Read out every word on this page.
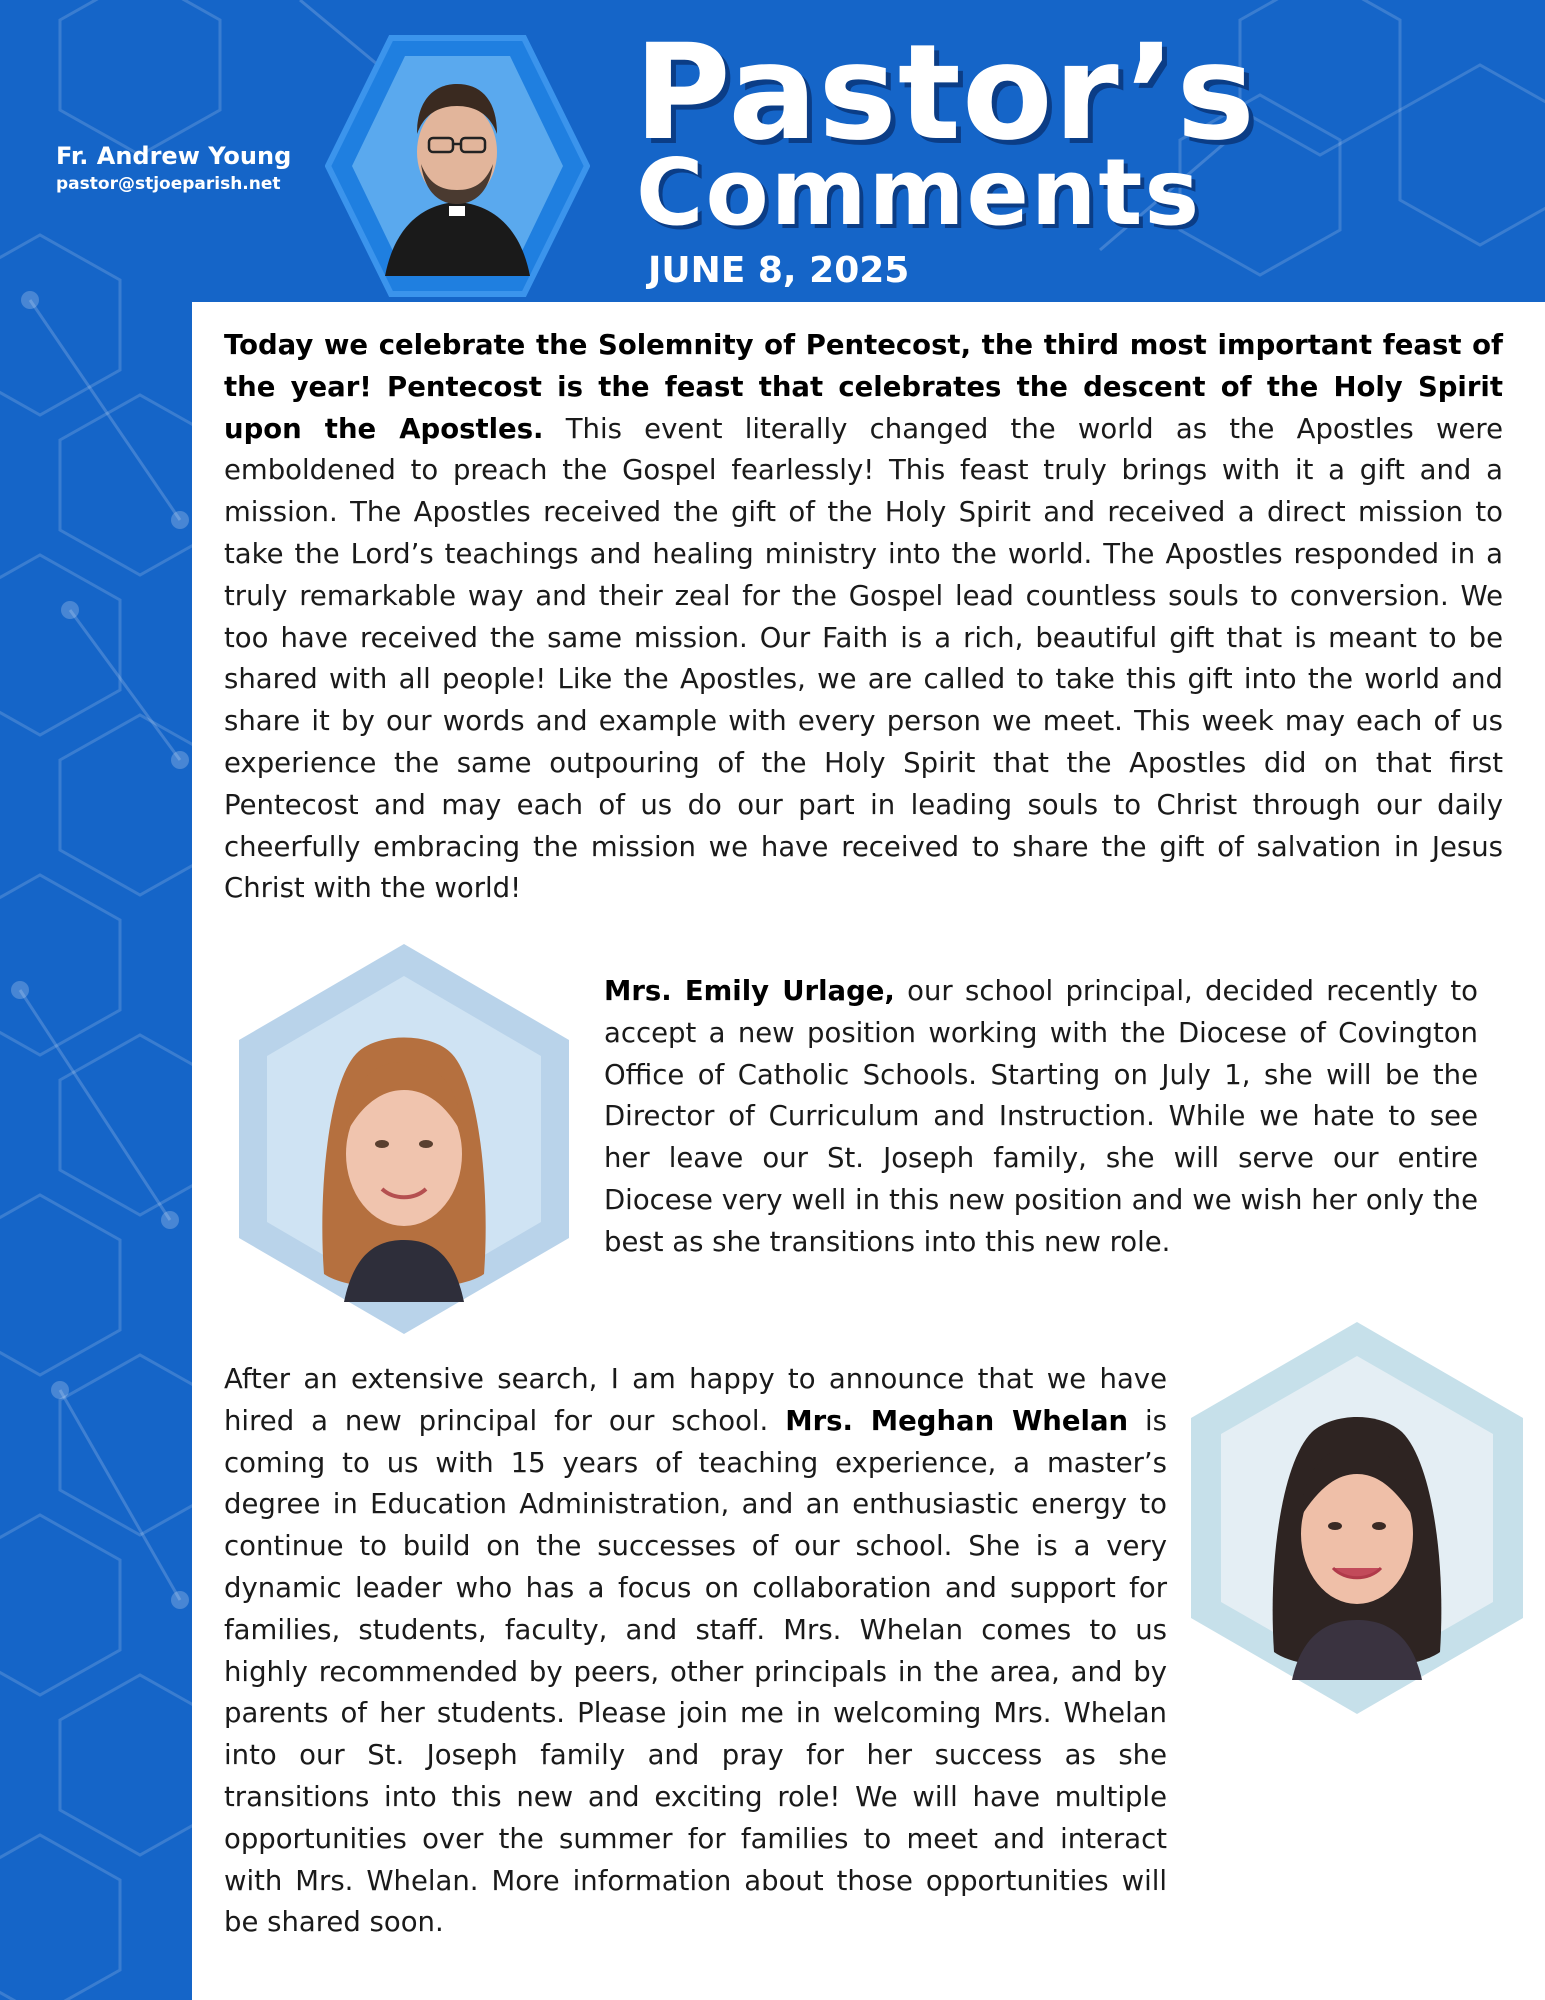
Fr. Andrew Young
pastor@stjoeparish.net
Pastor’s
Comments
JUNE 8, 2025

Today we celebrate the Solemnity of Pentecost, the third most important feast of the year! Pentecost is the feast that celebrates the descent of the Holy Spirit upon the Apostles. This event literally changed the world as the Apostles were emboldened to preach the Gospel fearlessly! This feast truly brings with it a gift and a mission. The Apostles received the gift of the Holy Spirit and received a direct mission to take the Lord’s teachings and healing ministry into the world. The Apostles responded in a truly remarkable way and their zeal for the Gospel lead countless souls to conversion. We too have received the same mission. Our Faith is a rich, beautiful gift that is meant to be shared with all people! Like the Apostles, we are called to take this gift into the world and share it by our words and example with every person we meet. This week may each of us experience the same outpouring of the Holy Spirit that the Apostles did on that first Pentecost and may each of us do our part in leading souls to Christ through our daily cheerfully embracing the mission we have received to share the gift of salvation in Jesus Christ with the world!

Mrs. Emily Urlage, our school principal, decided recently to accept a new position working with the Diocese of Covington Office of Catholic Schools. Starting on July 1, she will be the Director of Curriculum and Instruction. While we hate to see her leave our St. Joseph family, she will serve our entire Diocese very well in this new position and we wish her only the best as she transitions into this new role.

After an extensive search, I am happy to announce that we have hired a new principal for our school. Mrs. Meghan Whelan is coming to us with 15 years of teaching experience, a master’s degree in Education Administration, and an enthusiastic energy to continue to build on the successes of our school. She is a very dynamic leader who has a focus on collaboration and support for families, students, faculty, and staff. Mrs. Whelan comes to us highly recommended by peers, other principals in the area, and by parents of her students. Please join me in welcoming Mrs. Whelan into our St. Joseph family and pray for her success as she transitions into this new and exciting role! We will have multiple opportunities over the summer for families to meet and interact with Mrs. Whelan. More information about those opportunities will be shared soon.
